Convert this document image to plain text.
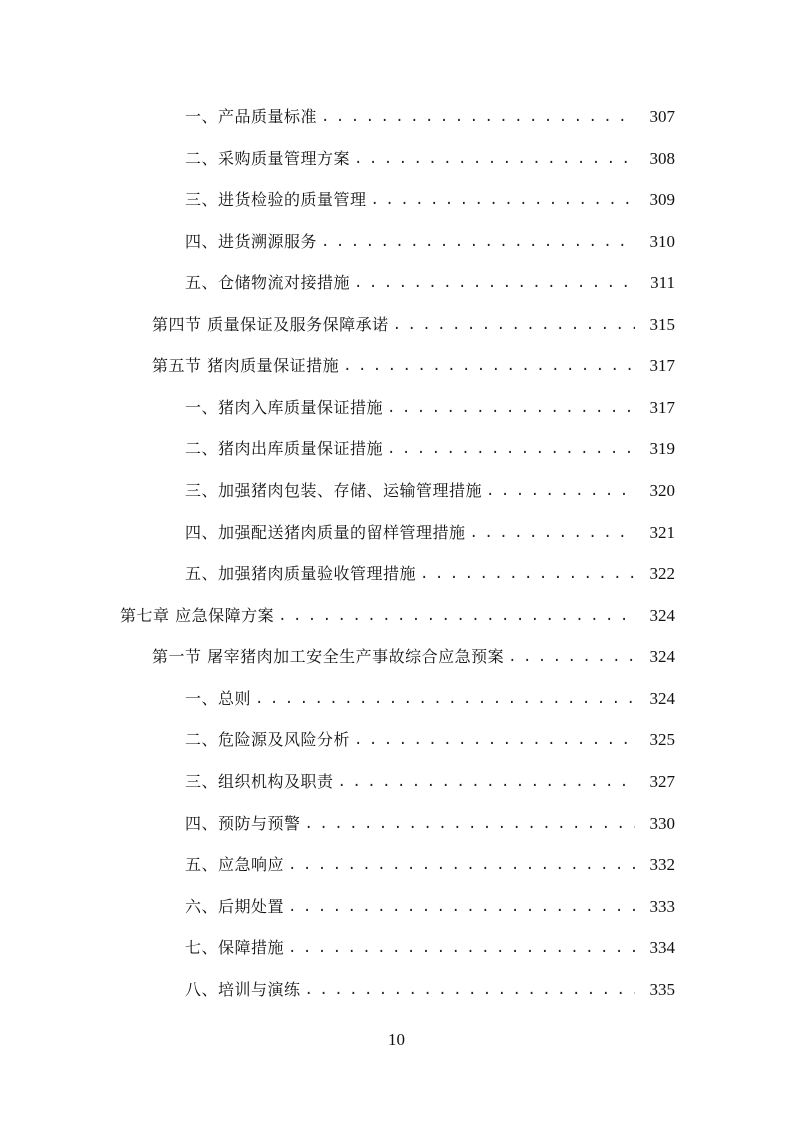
一、产品质量标准 . . .	307
二、采购质量管理方案 . . .	308
三、进货检验的质量管理 . . .	309
四、进货溯源服务 . . .	310
五、仓储物流对接措施 . . .	311
第四节 质量保证及服务保障承诺 . . .	315
第五节 猪肉质量保证措施 . . .	317
一、猪肉入库质量保证措施 . . .	317
二、猪肉出库质量保证措施 . . .	319
三、加强猪肉包装、存储、运输管理措施 . . .	320
四、加强配送猪肉质量的留样管理措施 . . .	321
五、加强猪肉质量验收管理措施 . . .	322
第七章 应急保障方案 . . .	324
第一节 屠宰猪肉加工安全生产事故综合应急预案 . . .	324
一、总则 . . .	324
二、危险源及风险分析 . . .	325
三、组织机构及职责 . . .	327
四、预防与预警 . . .	330
五、应急响应 . . .	332
六、后期处置 . . .	333
七、保障措施 . . .	334
八、培训与演练 . . .	335
10
